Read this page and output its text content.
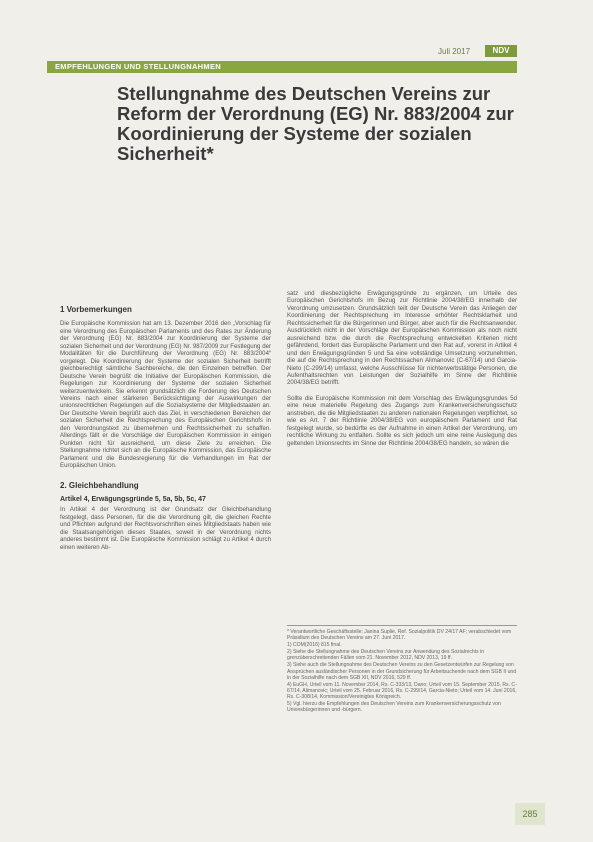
Juli 2017	NDV
EMPFEHLUNGEN UND STELLUNGNAHMEN
Stellungnahme des Deutschen Vereins zur Reform der Verordnung (EG) Nr. 883/2004 zur Koordinierung der Systeme der sozialen Sicherheit*
1 Vorbemerkungen

Die Europäische Kommission hat am 13. Dezember 2016 den „Vorschlag für eine Verordnung des Europäischen Parlaments und des Rates zur Änderung der Verordnung (EG) Nr. 883/2004 zur Koordinierung der Systeme der sozialen Sicherheit und der Verordnung (EG) Nr. 987/2009 zur Festlegung der Modalitäten für die Durchführung der Verordnung (EG) Nr. 883/2004“ vorgelegt. Die Koordinierung der Systeme der sozialen Sicherheit betrifft gleichberechtigt sämtliche Sachbereiche, die den Einzelnen betreffen. Der Deutsche Verein begrüßt die Initiative der Europäischen Kommission, die Regelungen zur Koordinierung der Systeme der sozialen Sicherheit weiterzuentwickeln. Sie erkennt grundsätzlich die Forderung des Deutschen Vereins nach einer stärkeren Berücksichtigung der Auswirkungen der unionsrechtlichen Regelungen auf die Sozialsysteme der Mitgliedstaaten an. Der Deutsche Verein begrüßt auch das Ziel, in verschiedenen Bereichen der sozialen Sicherheit die Rechtsprechung des Europäischen Gerichtshofs in den Verordnungstext zu übernehmen und Rechtssicherheit zu schaffen. Allerdings fällt er die Vorschläge der Europäischen Kommission in einigen Punkten nicht für ausreichend, um diese Ziele zu erreichen. Die Stellungnahme richtet sich an die Europäische Kommission, das Europäische Parlament und die Bundesregierung für die Verhandlungen im Rat der Europäischen Union.

2. Gleichbehandlung
Artikel 4, Erwägungsgründe 5, 5a, 5b, 5c, 47

In Artikel 4 der Verordnung ist der Grundsatz der Gleichbehandlung festgelegt, dass Personen, für die die Verordnung gilt, die gleichen Rechte und Pflichten aufgrund der Rechtsvorschriften eines Mitgliedstaats haben wie die Staatsangehörigen dieses Staates, soweit in der Verordnung nichts anderes bestimmt ist. Die Europäische Kommission schlägt zu Artikel 4 durch einen weiteren Ab-

satz und diesbezügliche Erwägungsgründe zu ergänzen, um Urteile des Europäischen Gerichtshofs im Bezug zur Richtlinie 2004/38/EG innerhalb der Verordnung umzusetzen. Grundsätzlich teilt der Deutsche Verein das Anliegen der Koordinierung der Rechtsprechung im Interesse erhöhter Rechtsklarheit und Rechtssicherheit für die Bürgerinnen und Bürger, aber auch für die Rechtsanwender. Ausdrücklich nicht in der Vorschläge der Europäischen Kommission als noch nicht ausreichend bzw. die durch die Rechtsprechung entwickelten Kriterien nicht gefährdend, fordert das Europäische Parlament und den Rat auf, vorerst in Artikel 4 und den Erwägungsgründen 5 und 5a eine vollständige Umsetzung vorzunehmen, die auf die Rechtsprechung in den Rechtssachen Alimanovic (C-67/14) und Garcia-Nieto (C-299/14) umfasst, welche Ausschlüsse für nichterwerbstätige Personen, die Aufenthaltsrechten von Leistungen der Sozialhilfe im Sinne der Richtlinie 2004/38/EG betrifft.

Sollte die Europäische Kommission mit dem Vorschlag des Erwägungsgrundes 5d eine neue materielle Regelung des Zugangs zum Krankenversicherungsschutz anstreben, die die Mitgliedstaaten zu anderen nationalen Regelungen verpflichtet, so wie es Art. 7 der Richtlinie 2004/38/EG von europäischem Parlament und Rat festgelegt wurde, so bedürfte es der Aufnahme in einen Artikel der Verordnung, um rechtliche Wirkung zu entfalten. Sollte es sich jedoch um eine reine Auslegung des geltenden Unionsrechts im Sinne der Richtlinie 2004/38/EG handeln, so wären die

* Verantwortliche Geschäftsstelle: Janina Suplie, Ref. Sozialpolitik DV 24/17 AF; verabschiedet vom Präsidium des Deutschen Vereins am 27. Juni 2017.
1) COM(2016) 815 final.
2) Siehe die Stellungnahme des Deutschen Vereins zur Anwendung des Sozialrechts in grenzüberschreitenden Fällen vom 21. November 2012, NDV 2013, 19 ff.
3) Siehe auch die Stellungnahme des Deutschen Vereins zu den Gesetzentwürfen zur Regelung von Ansprüchen ausländischer Personen in der Grundsicherung für Arbeitsuchende nach dem SGB II und in der Sozialhilfe nach dem SGB XII, NDV 2016, 529 ff.
4) EuGH, Urteil vom 11. November 2014, Rs. C-333/13, Dano; Urteil vom 15. September 2015, Rs. C-67/14, Alimanovic; Urteil vom 25. Februar 2016, Rs. C-299/14, Garcia-Nieto; Urteil vom 14. Juni 2016, Rs. C-308/14, Kommission/Vereinigtes Königreich.
5) Vgl. hierzu die Empfehlungen des Deutschen Vereins zum Krankenversicherungsschutz von Unionsbürgerinnen und -bürgern.
285
